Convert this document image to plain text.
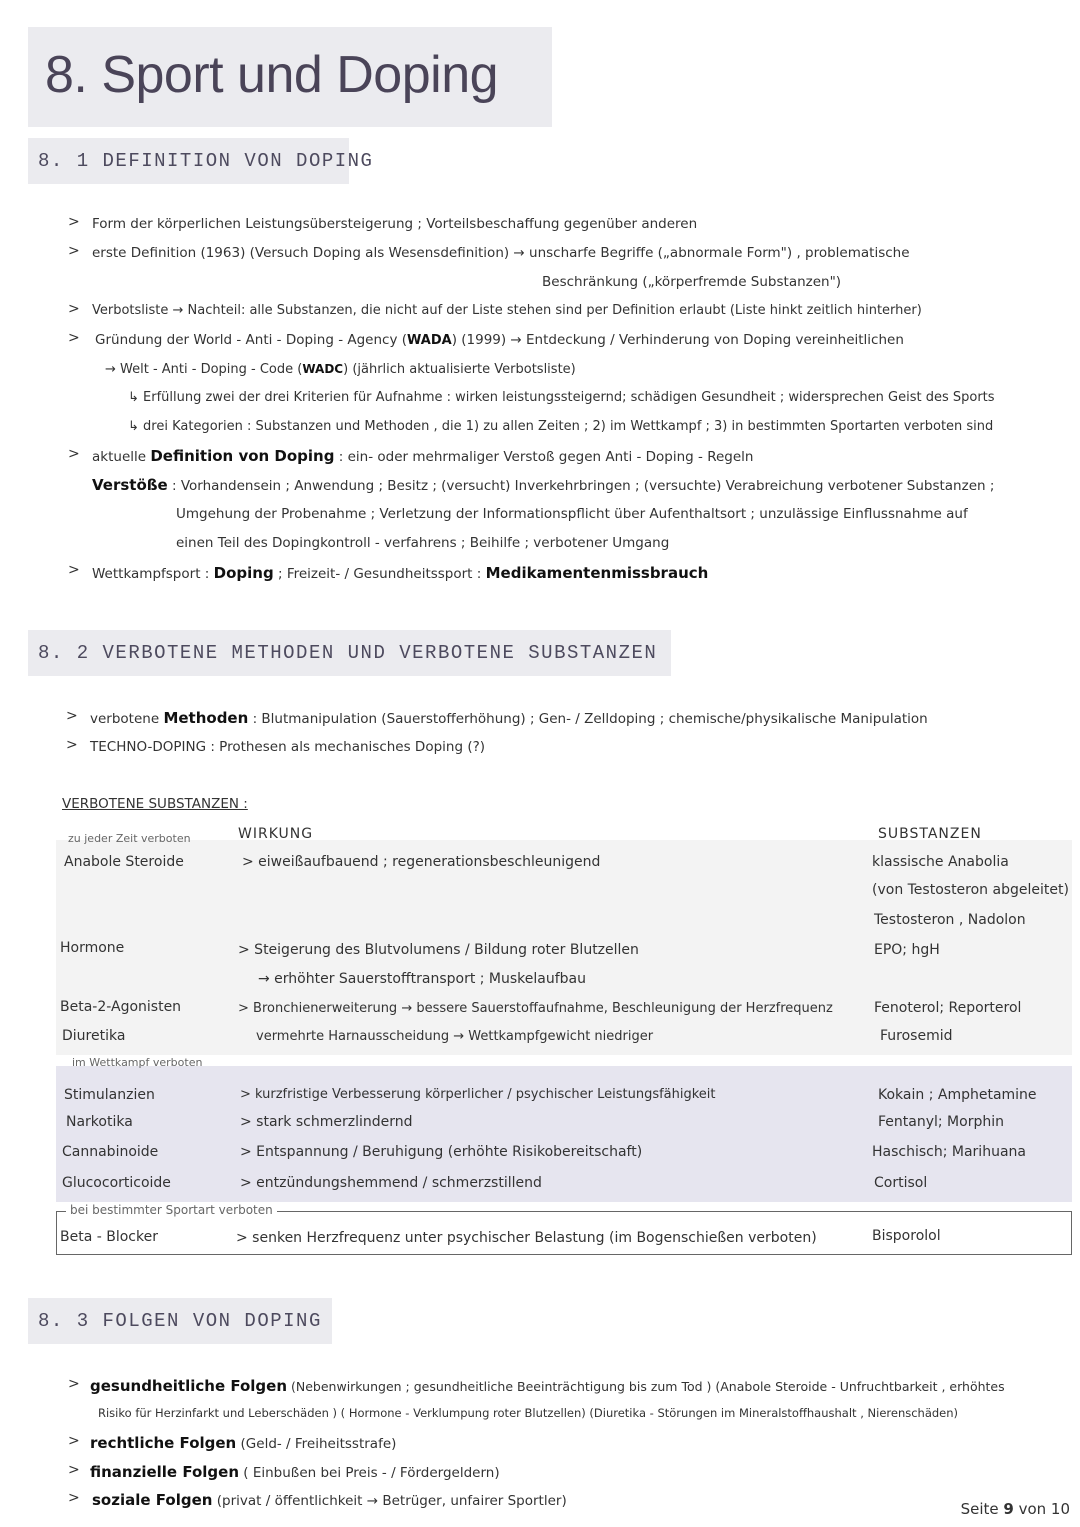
8. Sport und Doping
8. 1 DEFINITION VON DOPING
> Form der körperlichen Leistungsübersteigerung ; Vorteilsbeschaffung gegenüber anderen
> erste Definition (1963) (Versuch Doping als Wesensdefinition) → unscharfe Begriffe („abnormale Form") , problematische
Beschränkung („körperfremde Substanzen")
> Verbotsliste → Nachteil: alle Substanzen, die nicht auf der Liste stehen sind per Definition erlaubt (Liste hinkt zeitlich hinterher)
> Gründung der World - Anti - Doping - Agency (WADA) (1999) → Entdeckung / Verhinderung von Doping vereinheitlichen
→ Welt - Anti - Doping - Code (WADC) (jährlich aktualisierte Verbotsliste)
↳ Erfüllung zwei der drei Kriterien für Aufnahme : wirken leistungssteigernd; schädigen Gesundheit ; widersprechen Geist des Sports
↳ drei Kategorien : Substanzen und Methoden , die 1) zu allen Zeiten ; 2) im Wettkampf ; 3) in bestimmten Sportarten verboten sind
> aktuelle Definition von Doping : ein- oder mehrmaliger Verstoß gegen Anti - Doping - Regeln
Verstöße : Vorhandensein ; Anwendung ; Besitz ; (versucht) Inverkehrbringen ; (versuchte) Verabreichung verbotener Substanzen ;
Umgehung der Probenahme ; Verletzung der Informationspflicht über Aufenthaltsort ; unzulässige Einflussnahme auf
einen Teil des Dopingkontroll - verfahrens ; Beihilfe ; verbotener Umgang
> Wettkampfsport : Doping ; Freizeit- / Gesundheitssport : Medikamentenmissbrauch
8. 2 VERBOTENE METHODEN UND VERBOTENE SUBSTANZEN
> verbotene Methoden : Blutmanipulation (Sauerstofferhöhung) ; Gen- / Zelldoping ; chemische/physikalische Manipulation
> TECHNO-DOPING : Prothesen als mechanisches Doping (?)
VERBOTENE SUBSTANZEN :
zu jeder Zeit verboten	WIRKUNG	SUBSTANZEN
im Wettkampf verboten
bei bestimmter Sportart verboten
Anabole Steroide	> eiweißaufbauend ; regenerationsbeschleunigend	klassische Anabolia
(von Testosteron abgeleitet)
Testosteron , Nadolon
Hormone	> Steigerung des Blutvolumens / Bildung roter Blutzellen	EPO; hgH
→ erhöhter Sauerstofftransport ; Muskelaufbau
Beta-2-Agonisten	> Bronchienerweiterung → bessere Sauerstoffaufnahme, Beschleunigung der Herzfrequenz	Fenoterol; Reporterol
Diuretika	vermehrte Harnausscheidung → Wettkampfgewicht niedriger	Furosemid
Stimulanzien	> kurzfristige Verbesserung körperlicher / psychischer Leistungsfähigkeit	Kokain ; Amphetamine
Narkotika	> stark schmerzlindernd	Fentanyl; Morphin
Cannabinoide	> Entspannung / Beruhigung (erhöhte Risikobereitschaft)	Haschisch; Marihuana
Glucocorticoide	> entzündungshemmend / schmerzstillend	Cortisol
Beta - Blocker	> senken Herzfrequenz unter psychischer Belastung (im Bogenschießen verboten)	Bisporolol
8. 3 FOLGEN VON DOPING
> gesundheitliche Folgen (Nebenwirkungen ; gesundheitliche Beeinträchtigung bis zum Tod ) (Anabole Steroide - Unfruchtbarkeit , erhöhtes
Risiko für Herzinfarkt und Leberschäden ) ( Hormone - Verklumpung roter Blutzellen) (Diuretika - Störungen im Mineralstoffhaushalt , Nierenschäden)
> rechtliche Folgen (Geld- / Freiheitsstrafe)
> finanzielle Folgen ( Einbußen bei Preis - / Fördergeldern)
> soziale Folgen (privat / öffentlichkeit → Betrüger, unfairer Sportler)	Seite 9 von 10
